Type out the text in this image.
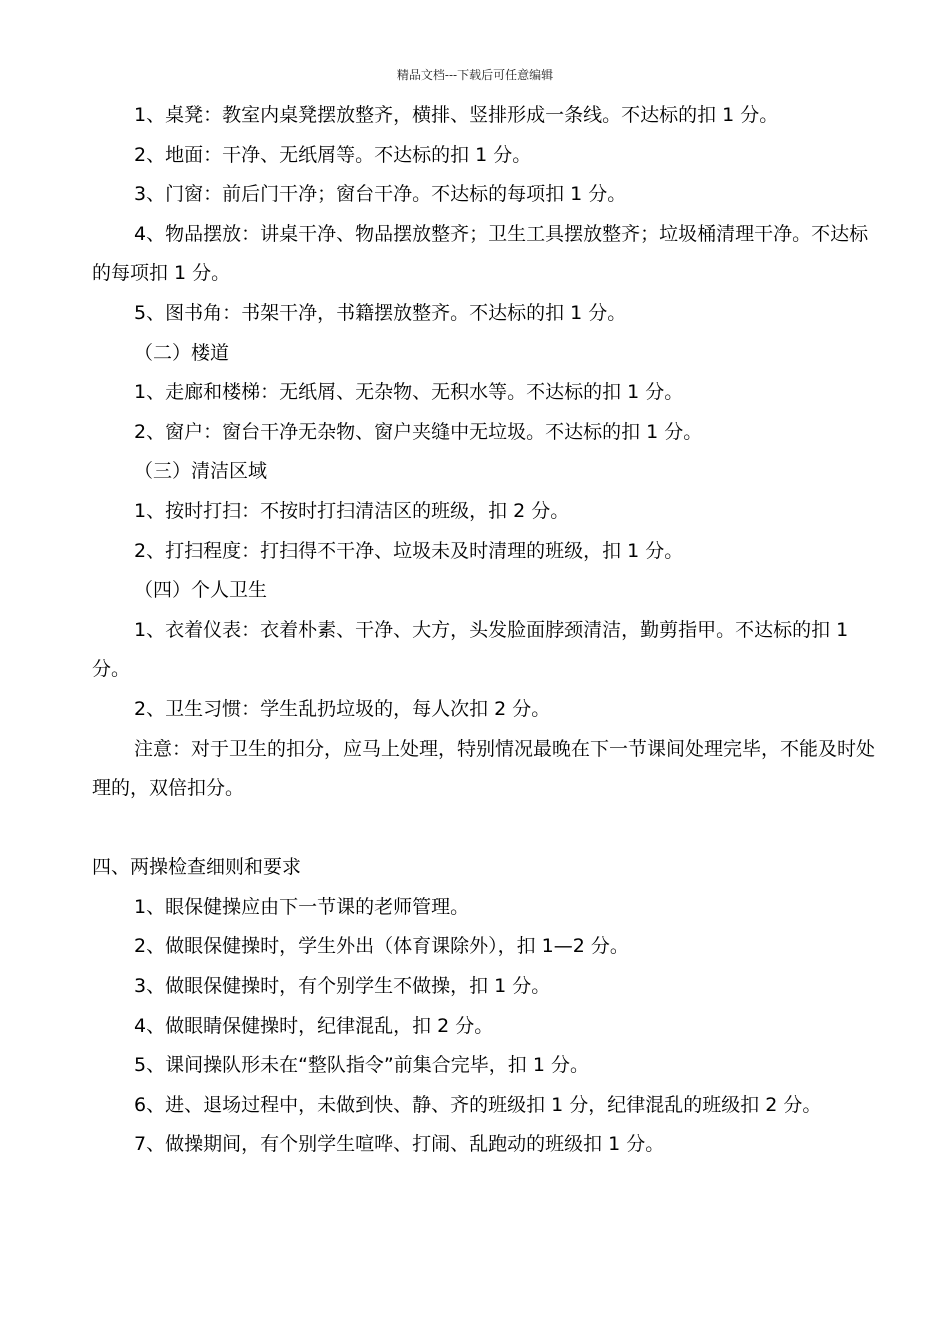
精品文档---下载后可任意编辑

1、桌凳：教室内桌凳摆放整齐，横排、竖排形成一条线。不达标的扣 1 分。

2、地面：干净、无纸屑等。不达标的扣 1 分。

3、门窗：前后门干净；窗台干净。不达标的每项扣 1 分。

4、物品摆放：讲桌干净、物品摆放整齐；卫生工具摆放整齐；垃圾桶清理干净。不达标的每项扣 1 分。

5、图书角：书架干净，书籍摆放整齐。不达标的扣 1 分。

（二）楼道

1、走廊和楼梯：无纸屑、无杂物、无积水等。不达标的扣 1 分。

2、窗户：窗台干净无杂物、窗户夹缝中无垃圾。不达标的扣 1 分。

（三）清洁区域

1、按时打扫：不按时打扫清洁区的班级，扣 2 分。

2、打扫程度：打扫得不干净、垃圾未及时清理的班级，扣 1 分。

（四）个人卫生

1、衣着仪表：衣着朴素、干净、大方，头发脸面脖颈清洁，勤剪指甲。不达标的扣 1 分。

2、卫生习惯：学生乱扔垃圾的，每人次扣 2 分。

注意：对于卫生的扣分，应马上处理，特别情况最晚在下一节课间处理完毕，不能及时处理的，双倍扣分。

四、两操检查细则和要求

1、眼保健操应由下一节课的老师管理。

2、做眼保健操时，学生外出（体育课除外），扣 1—2 分。

3、做眼保健操时，有个别学生不做操，扣 1 分。

4、做眼睛保健操时，纪律混乱，扣 2 分。

5、课间操队形未在“整队指令”前集合完毕，扣 1 分。

6、进、退场过程中，未做到快、静、齐的班级扣 1 分，纪律混乱的班级扣 2 分。

7、做操期间，有个别学生喧哗、打闹、乱跑动的班级扣 1 分。
